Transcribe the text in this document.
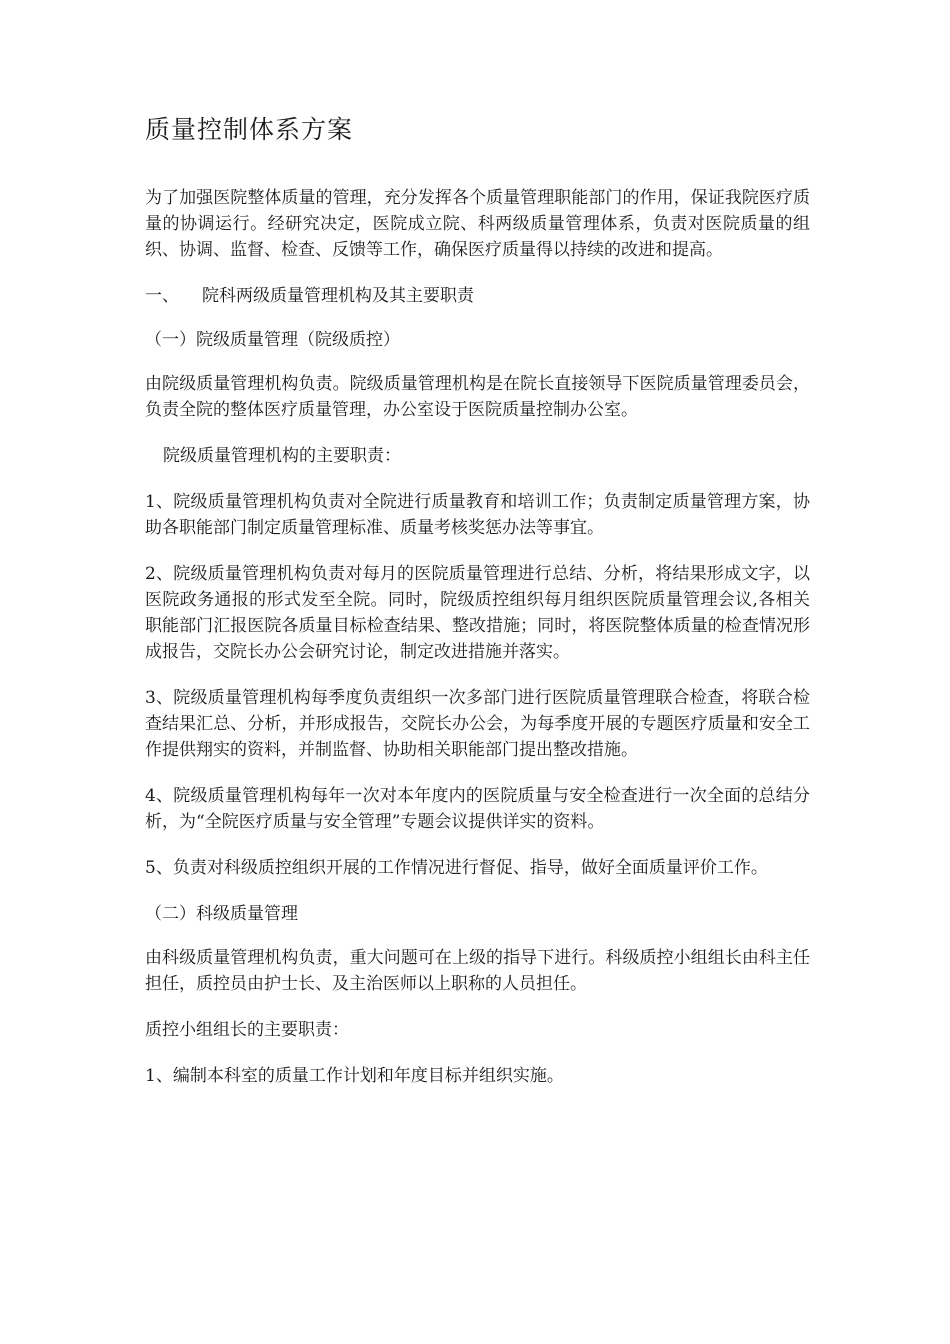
质量控制体系方案

为了加强医院整体质量的管理，充分发挥各个质量管理职能部门的作用，保证我院医疗质量的协调运行。经研究决定，医院成立院、科两级质量管理体系，负责对医院质量的组织、协调、监督、检查、反馈等工作，确保医疗质量得以持续的改进和提高。

一、	院科两级质量管理机构及其主要职责
（一）院级质量管理（院级质控）

由院级质量管理机构负责。院级质量管理机构是在院长直接领导下医院质量管理委员会，负责全院的整体医疗质量管理，办公室设于医院质量控制办公室。

院级质量管理机构的主要职责：

1、院级质量管理机构负责对全院进行质量教育和培训工作；负责制定质量管理方案，协助各职能部门制定质量管理标准、质量考核奖惩办法等事宜。

2、院级质量管理机构负责对每月的医院质量管理进行总结、分析，将结果形成文字，以医院政务通报的形式发至全院。同时，院级质控组织每月组织医院质量管理会议,各相关职能部门汇报医院各质量目标检查结果、整改措施；同时，将医院整体质量的检查情况形成报告，交院长办公会研究讨论，制定改进措施并落实。

3、院级质量管理机构每季度负责组织一次多部门进行医院质量管理联合检查，将联合检查结果汇总、分析，并形成报告，交院长办公会，为每季度开展的专题医疗质量和安全工作提供翔实的资料，并制监督、协助相关职能部门提出整改措施。

4、院级质量管理机构每年一次对本年度内的医院质量与安全检查进行一次全面的总结分析，为“全院医疗质量与安全管理”专题会议提供详实的资料。

5、负责对科级质控组织开展的工作情况进行督促、指导，做好全面质量评价工作。

（二）科级质量管理

由科级质量管理机构负责，重大问题可在上级的指导下进行。科级质控小组组长由科主任担任，质控员由护士长、及主治医师以上职称的人员担任。

质控小组组长的主要职责：

1、编制本科室的质量工作计划和年度目标并组织实施。
